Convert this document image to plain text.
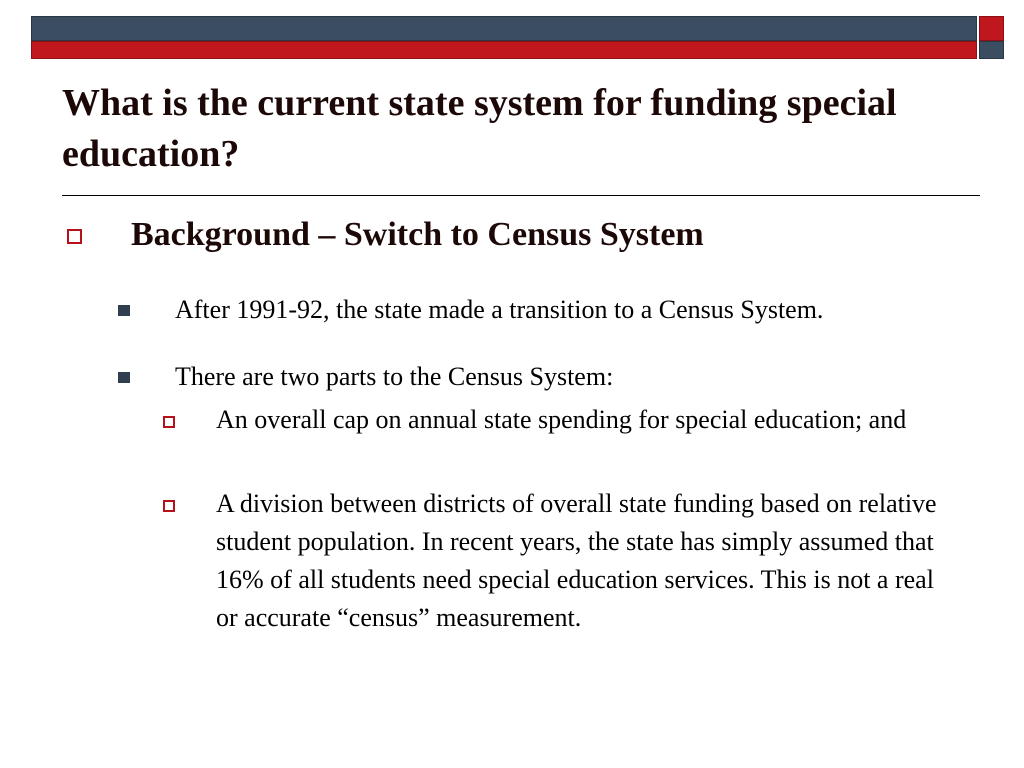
What is the current state system for funding special education?
Background – Switch to Census System
After 1991-92, the state made a transition to a Census System.
There are two parts to the Census System:
An overall cap on annual state spending for special education; and
A division between districts of overall state funding based on relative student population. In recent years, the state has simply assumed that 16% of all students need special education services. This is not a real or accurate “census” measurement.
